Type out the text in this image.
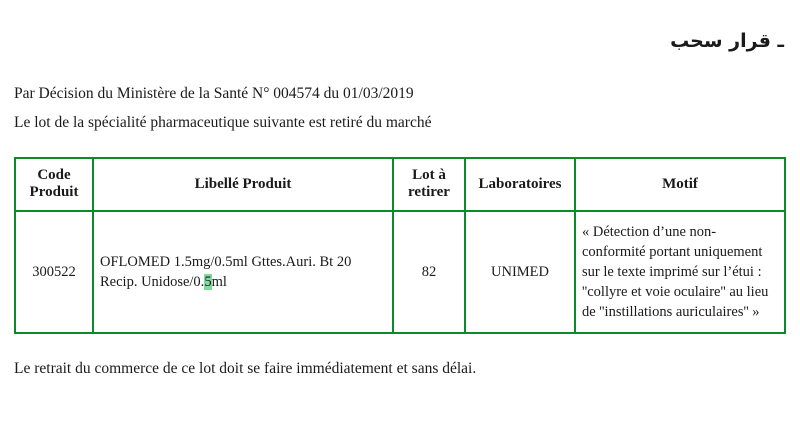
ـ قرار سحب

Par Décision du Ministère de la Santé N° 004574 du 01/03/2019

Le lot de la spécialité pharmaceutique suivante est retiré du marché

Code Produit	Libellé Produit	Lot à retirer	Laboratoires	Motif
300522	OFLOMED 1.5mg/0.5ml Gttes.Auri. Bt 20 Recip. Unidose/0.5ml	82	UNIMED	« Détection d’une non-conformité portant uniquement sur le texte imprimé sur l’étui : ''collyre et voie oculaire'' au lieu de ''instillations auriculaires'' »
Le retrait du commerce de ce lot doit se faire immédiatement et sans délai.
